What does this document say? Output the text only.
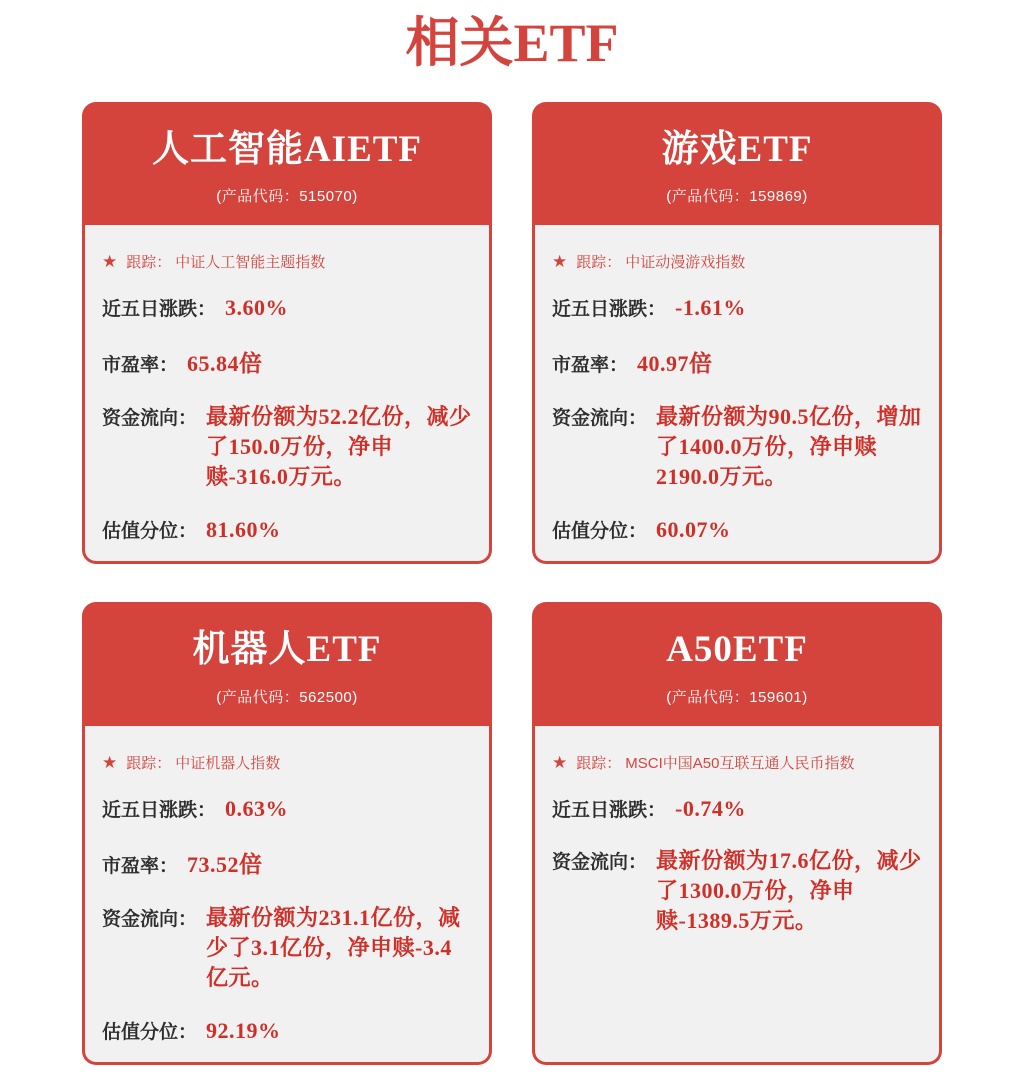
相关ETF
人工智能AIETF
(产品代码：515070)
★ 跟踪： 中证人工智能主题指数
近五日涨跌： 3.60%
市盈率： 65.84倍
资金流向： 最新份额为52.2亿份，减少了150.0万份，净申赎-316.0万元。
估值分位： 81.60%
游戏ETF
(产品代码：159869)
★ 跟踪： 中证动漫游戏指数
近五日涨跌： -1.61%
市盈率： 40.97倍
资金流向： 最新份额为90.5亿份，增加了1400.0万份，净申赎2190.0万元。
估值分位： 60.07%
机器人ETF
(产品代码：562500)
★ 跟踪： 中证机器人指数
近五日涨跌： 0.63%
市盈率： 73.52倍
资金流向： 最新份额为231.1亿份，减少了3.1亿份，净申赎-3.4亿元。
估值分位： 92.19%
A50ETF
(产品代码：159601)
★ 跟踪： MSCI中国A50互联互通人民币指数
近五日涨跌： -0.74%
资金流向： 最新份额为17.6亿份，减少了1300.0万份，净申赎-1389.5万元。
